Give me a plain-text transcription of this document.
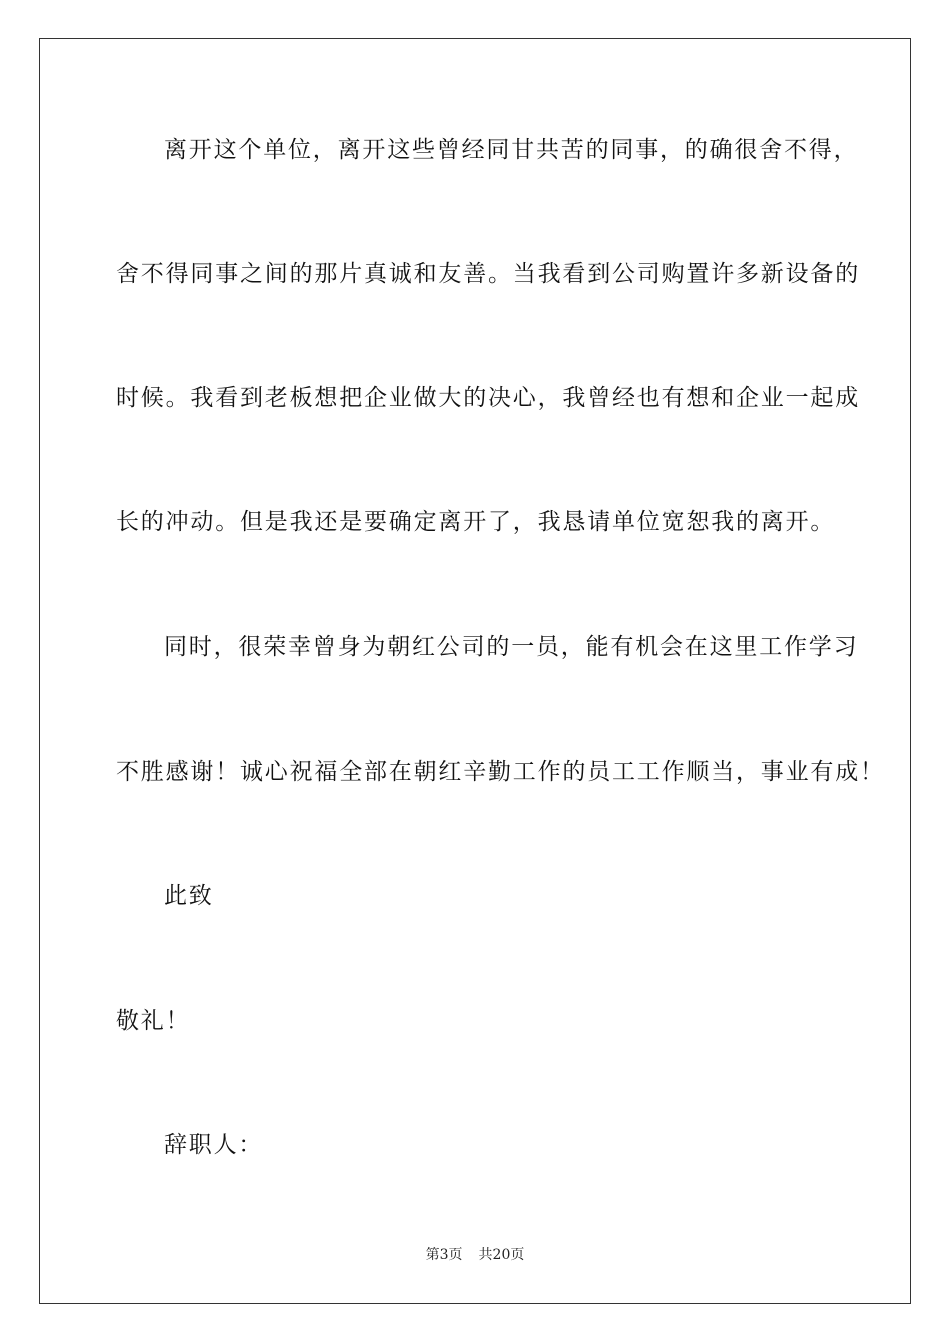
离开这个单位，离开这些曾经同甘共苦的同事，的确很舍不得，
舍不得同事之间的那片真诚和友善。当我看到公司购置许多新设备的
时候。我看到老板想把企业做大的决心，我曾经也有想和企业一起成
长的冲动。但是我还是要确定离开了，我恳请单位宽恕我的离开。
同时，很荣幸曾身为朝红公司的一员，能有机会在这里工作学习
不胜感谢！诚心祝福全部在朝红辛勤工作的员工工作顺当，事业有成！
此致
敬礼！
辞职人：
第3页 共20页
